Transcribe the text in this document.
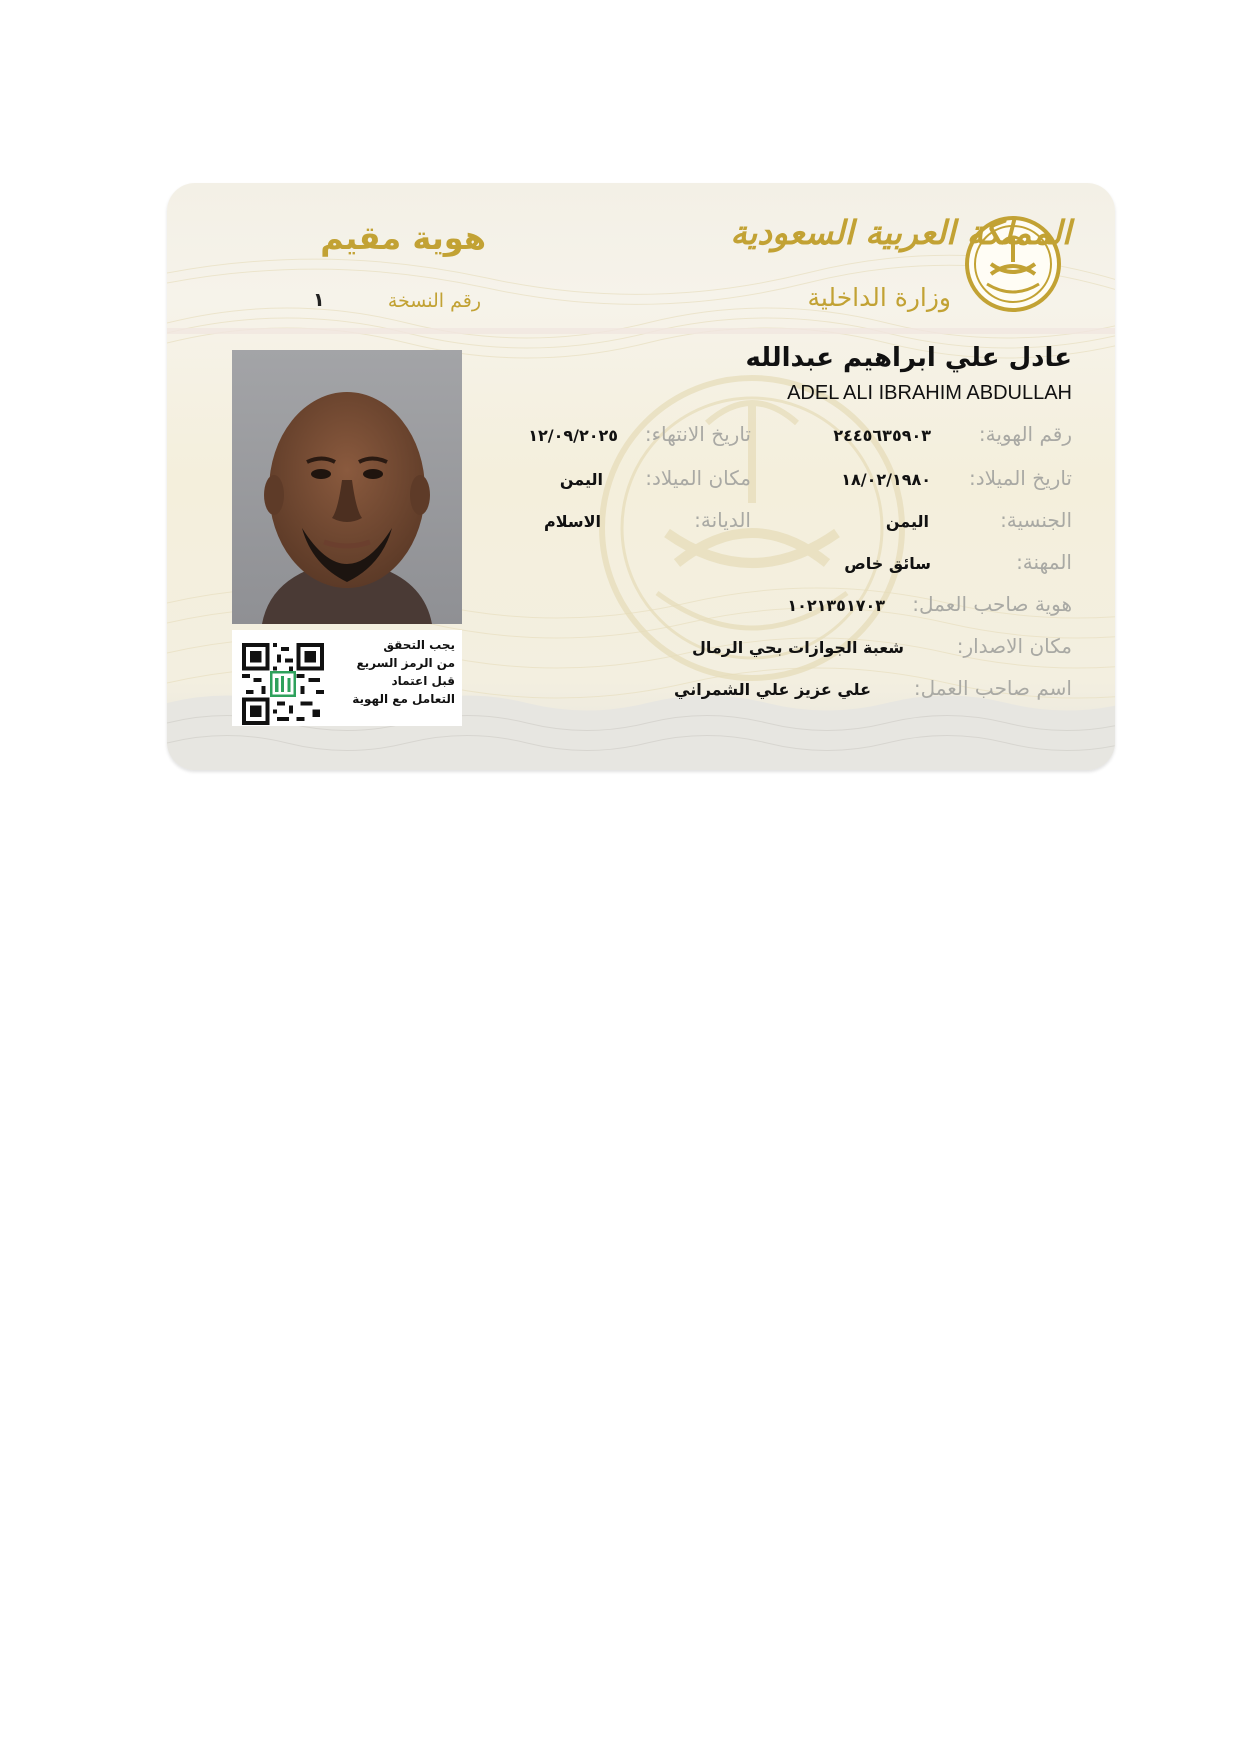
المملكة العربية السعودية
وزارة الداخلية
هوية مقيم
رقم النسخة
١
عادل علي ابراهيم عبدالله
ADEL ALI IBRAHIM ABDULLAH
رقم الهوية:
٢٤٤٥٦٣٥٩٠٣
تاريخ الميلاد:
١٨/٠٢/١٩٨٠
الجنسية:
اليمن
المهنة:
سائق خاص
هوية صاحب العمل:
١٠٢١٣٥١٧٠٣
مكان الاصدار:
شعبة الجوازات بحي الرمال
اسم صاحب العمل:
علي عزيز علي الشمراني
تاريخ الانتهاء:
١٢/٠٩/٢٠٢٥
مكان الميلاد:
اليمن
الديانة:
الاسلام
يجب التحقق
من الرمز السريع
قبل اعتماد
التعامل مع الهوية
